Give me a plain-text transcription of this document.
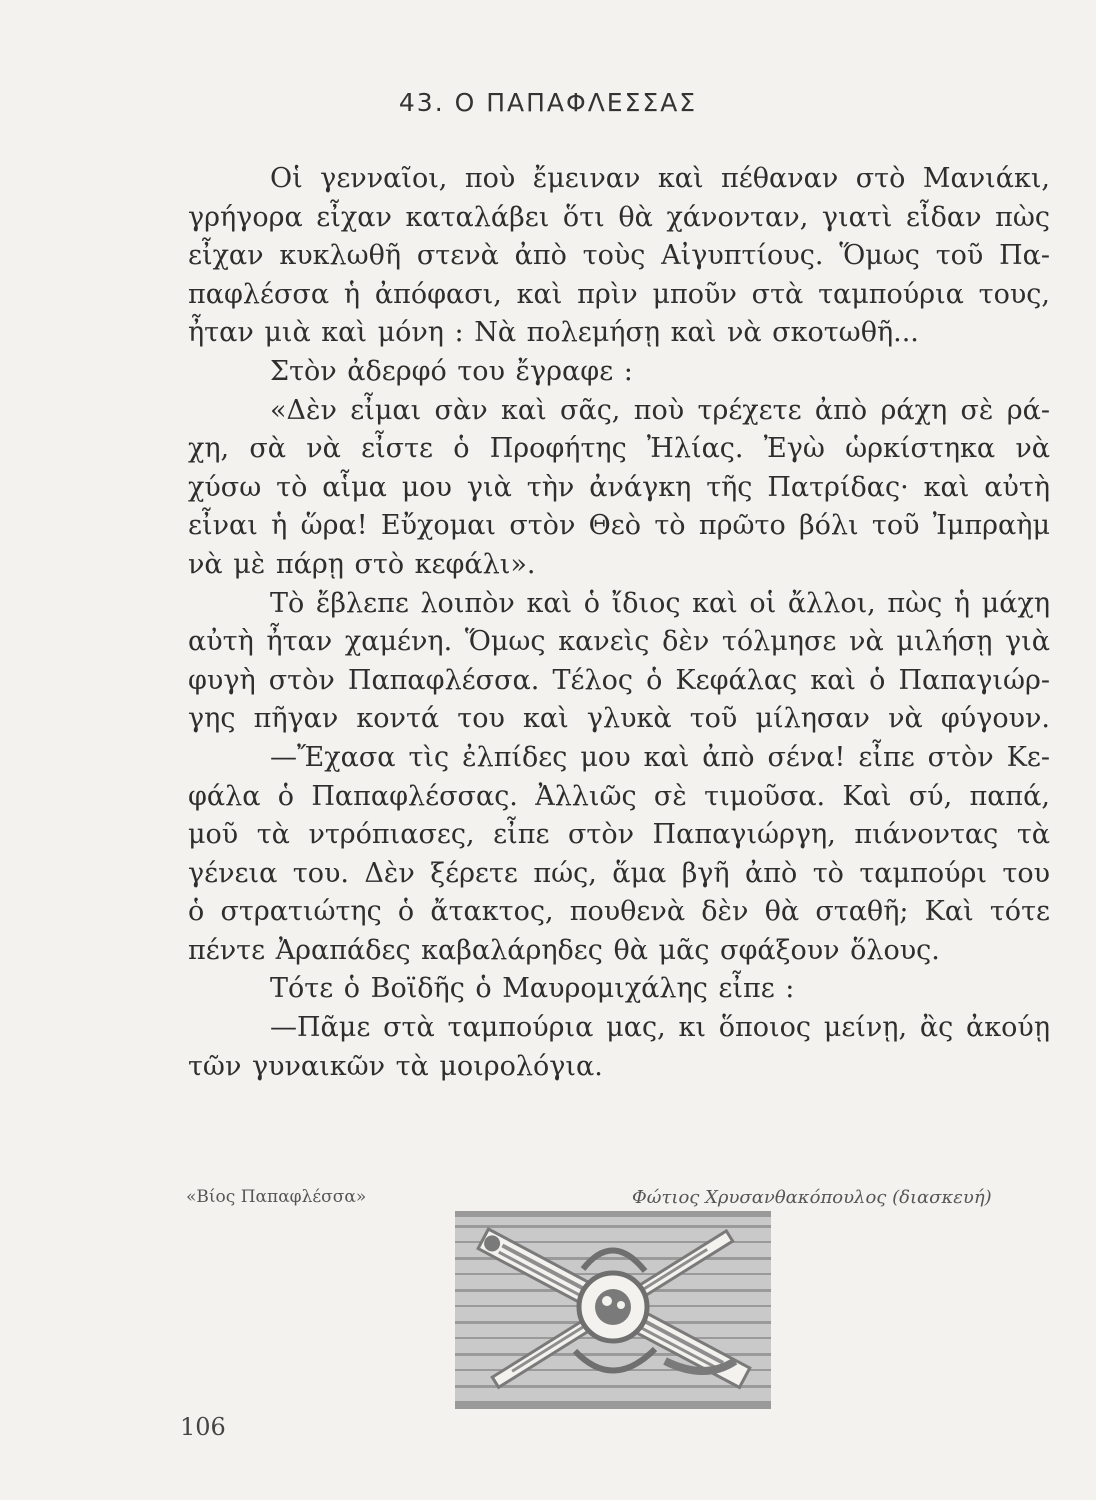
43. Ο ΠΑΠΑΦΛΕΣΣΑΣ
Οἱ γενναῖοι, ποὺ ἔμειναν καὶ πέθαναν στὸ Μανιάκι,
γρήγορα εἶχαν καταλάβει ὅτι θὰ χάνονταν, γιατὶ εἶδαν πὼς
εἶχαν κυκλωθῆ στενὰ ἀπὸ τοὺς Αἰγυπτίους. Ὅμως τοῦ Πα-
παφλέσσα ἡ ἀπόφασι, καὶ πρὶν μποῦν στὰ ταμπούρια τους,
ἦταν μιὰ καὶ μόνη : Νὰ πολεμήσῃ καὶ νὰ σκοτωθῆ...
Στὸν ἀδερφό του ἔγραφε :
«Δὲν εἶμαι σὰν καὶ σᾶς, ποὺ τρέχετε ἀπὸ ράχη σὲ ρά-
χη, σὰ νὰ εἶστε ὁ Προφήτης Ἠλίας. Ἐγὼ ὡρκίστηκα νὰ
χύσω τὸ αἷμα μου γιὰ τὴν ἀνάγκη τῆς Πατρίδας· καὶ αὐτὴ
εἶναι ἡ ὥρα! Εὔχομαι στὸν Θεὸ τὸ πρῶτο βόλι τοῦ Ἰμπραὴμ
νὰ μὲ πάρῃ στὸ κεφάλι».
Τὸ ἔβλεπε λοιπὸν καὶ ὁ ἴδιος καὶ οἱ ἄλλοι, πὼς ἡ μάχη
αὐτὴ ἦταν χαμένη. Ὅμως κανεὶς δὲν τόλμησε νὰ μιλήσῃ γιὰ
φυγὴ στὸν Παπαφλέσσα. Τέλος ὁ Κεφάλας καὶ ὁ Παπαγιώρ-
γης πῆγαν κοντά του καὶ γλυκὰ τοῦ μίλησαν νὰ φύγουν.
—Ἔχασα τὶς ἐλπίδες μου καὶ ἀπὸ σένα! εἶπε στὸν Κε-
φάλα ὁ Παπαφλέσσας. Ἀλλιῶς σὲ τιμοῦσα. Καὶ σύ, παπά,
μοῦ τὰ ντρόπιασες, εἶπε στὸν Παπαγιώργη, πιάνοντας τὰ
γένεια του. Δὲν ξέρετε πώς, ἅμα βγῆ ἀπὸ τὸ ταμπούρι του
ὁ στρατιώτης ὁ ἄτακτος, πουθενὰ δὲν θὰ σταθῆ; Καὶ τότε
πέντε Ἀραπάδες καβαλάρηδες θὰ μᾶς σφάξουν ὅλους.
Τότε ὁ Βοϊδῆς ὁ Μαυρομιχάλης εἶπε :
—Πᾶμε στὰ ταμπούρια μας, κι ὅποιος μείνῃ, ἂς ἀκούῃ
τῶν γυναικῶν τὰ μοιρολόγια.
«Βίος Παπαφλέσσα»	Φώτιος Χρυσανθακόπουλος (διασκευή)
106
